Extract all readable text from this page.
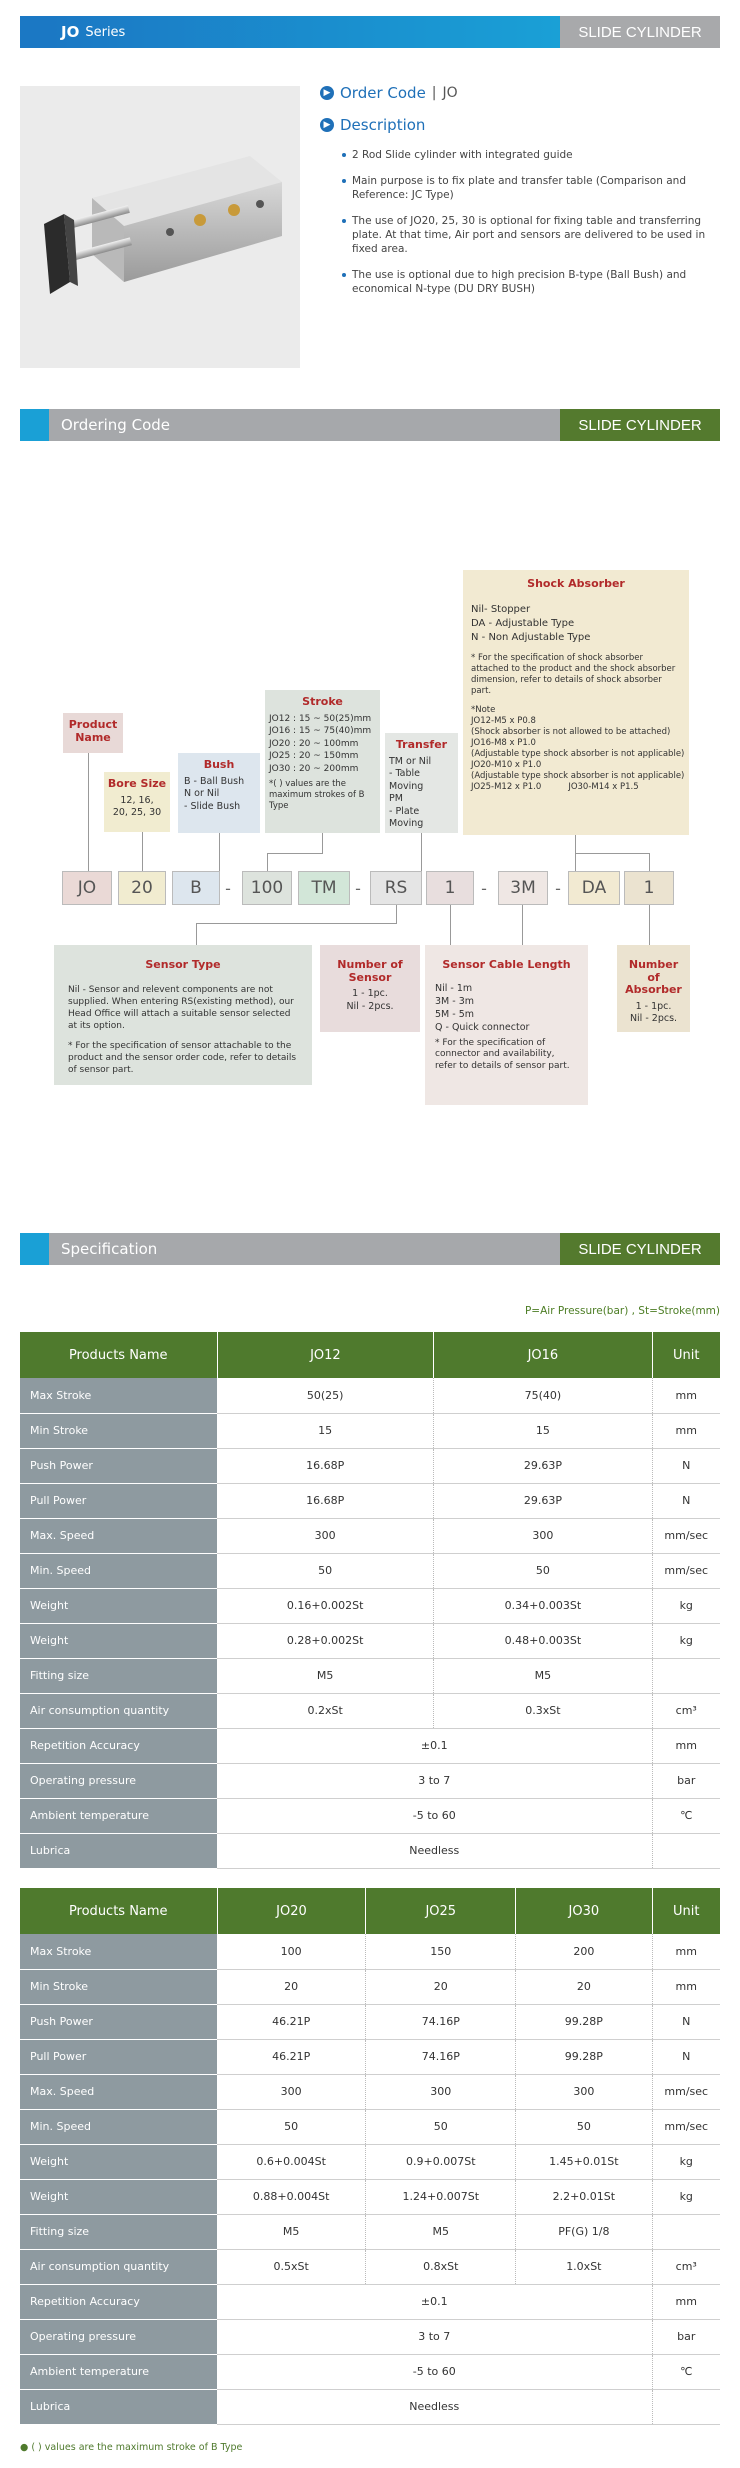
JO Series	SLIDE CYLINDER
▶ Order Code | JO
▶ Description
2 Rod Slide cylinder with integrated guide
Main purpose is to fix plate and transfer table (Comparison and Reference: JC Type)
The use of JO20, 25, 30 is optional for fixing table and transferring plate. At that time, Air port and sensors are delivered to be used in fixed area.
The use is optional due to high precision B-type (Ball Bush) and economical N-type (DU DRY BUSH)
Ordering Code	SLIDE CYLINDER
Product Name
Bore Size
12, 16,
20, 25, 30
Bush
B - Ball Bush
N or Nil
- Slide Bush
Stroke
JO12 : 15 ~ 50(25)mm
JO16 : 15 ~ 75(40)mm
JO20 : 20 ~ 100mm
JO25 : 20 ~ 150mm
JO30 : 20 ~ 200mm
*( ) values are the maximum strokes of B Type
Transfer
TM or Nil
- Table Moving
PM
- Plate Moving
Shock Absorber
Nil- Stopper
DA - Adjustable Type
N - Non Adjustable Type
* For the specification of shock absorber attached to the product and the shock absorber dimension, refer to details of shock absorber part.
*Note
JO12-M5 x P0.8
(Shock absorber is not allowed to be attached)
JO16-M8 x P1.0
(Adjustable type shock absorber is not applicable)
JO20-M10 x P1.0
(Adjustable type shock absorber is not applicable)
JO25-M12 x P1.0          JO30-M14 x P1.5
JO	20	B	-	100	TM	-	RS	1	-	3M	-	DA	1
Sensor Type
Nil - Sensor and relevent components are not supplied. When entering RS(existing method), our Head Office will attach a suitable sensor selected at its option.
* For the specification of sensor attachable to the product and the sensor order code, refer to details of sensor part.
Number of Sensor
1 - 1pc.
Nil - 2pcs.
Sensor Cable Length
Nil - 1m
3M - 3m
5M - 5m
Q - Quick connector
* For the specification of connector and availability, refer to details of sensor part.
Number of Absorber
1 - 1pc.
Nil - 2pcs.
Specification	SLIDE CYLINDER
P=Air Pressure(bar) , St=Stroke(mm)
Products Name	JO12	JO16	Unit
Max Stroke	50(25)	75(40)	mm
Min Stroke	15	15	mm
Push Power	16.68P	29.63P	N
Pull Power	16.68P	29.63P	N
Max. Speed	300	300	mm/sec
Min. Speed	50	50	mm/sec
Weight	0.16+0.002St	0.34+0.003St	kg
Weight	0.28+0.002St	0.48+0.003St	kg
Fitting size	M5	M5	
Air consumption quantity	0.2xSt	0.3xSt	cm³
Repetition Accuracy	±0.1		mm
Operating pressure	3 to 7		bar
Ambient temperature	-5 to 60		℃
Lubrica	Needless		
Products Name	JO20	JO25	JO30	Unit
Max Stroke	100	150	200	mm
Min Stroke	20	20	20	mm
Push Power	46.21P	74.16P	99.28P	N
Pull Power	46.21P	74.16P	99.28P	N
Max. Speed	300	300	300	mm/sec
Min. Speed	50	50	50	mm/sec
Weight	0.6+0.004St	0.9+0.007St	1.45+0.01St	kg
Weight	0.88+0.004St	1.24+0.007St	2.2+0.01St	kg
Fitting size	M5	M5	PF(G) 1/8	
Air consumption quantity	0.5xSt	0.8xSt	1.0xSt	cm³
Repetition Accuracy	±0.1			mm
Operating pressure	3 to 7			bar
Ambient temperature	-5 to 60			℃
Lubrica	Needless			
● ( ) values are the maximum stroke of B Type
